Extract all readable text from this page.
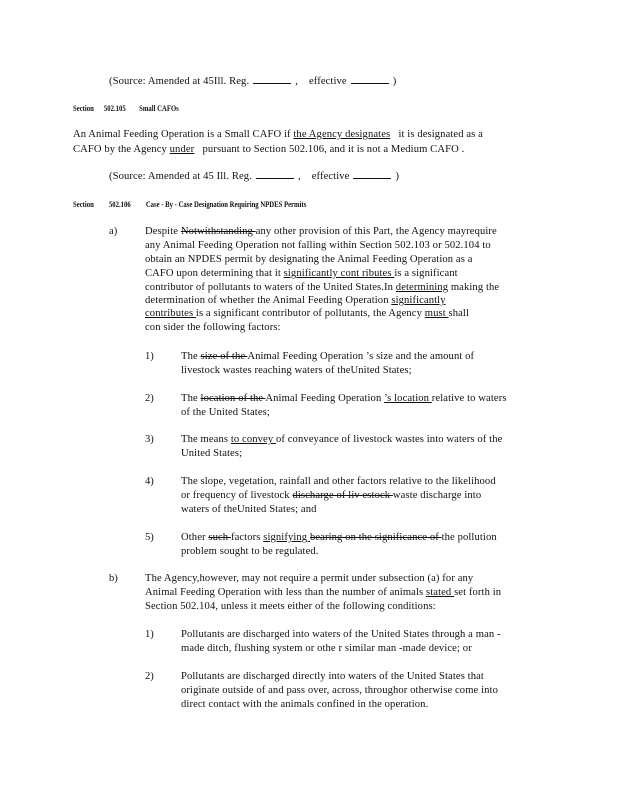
(Source: Amended at 45Ill. Reg.	,    effective	)
Section 502.105 Small CAFOs
An Animal Feeding Operation is a Small CAFO if the Agency designates it is designated as a
CAFO by the Agency under pursuant to Section 502.106, and it is not a Medium CAFO .
(Source: Amended at 45 Ill. Reg.	,    effective	)
Section 502.106 Case - By - Case Designation Requiring NPDES Permits
a)	Despite Notwithstanding any other provision of this Part, the Agency mayrequire
any Animal Feeding Operation not falling within Section 502.103 or 502.104 to
obtain an NPDES permit by designating the Animal Feeding Operation as a
CAFO upon determining that it significantly cont ributes is a significant
contributor of pollutants to waters of the United States.In determining making the
determination of whether the Animal Feeding Operation significantly
contributes is a significant contributor of pollutants, the Agency must shall
con sider the following factors:
1)	The size of the Animal Feeding Operation ’s size and the amount of
livestock wastes reaching waters of theUnited States;
2)	The location of the Animal Feeding Operation ’s location relative to waters
of the United States;
3)	The means to convey of conveyance of livestock wastes into waters of the
United States;
4)	The slope, vegetation, rainfall and other factors relative to the likelihood
or frequency of livestock discharge of liv estock waste discharge into
waters of theUnited States; and
5)	Other such factors signifying bearing on the significance of the pollution
problem sought to be regulated.
b)	The Agency,however, may not require a permit under subsection (a) for any
Animal Feeding Operation with less than the number of animals stated set forth in
Section 502.104, unless it meets either of the following conditions:
1)	Pollutants are discharged into waters of the United States through a man -
made ditch, flushing system or othe r similar man -made device; or
2)	Pollutants are discharged directly into waters of the United States that
originate outside of and pass over, across, throughor otherwise come into
direct contact with the animals confined in the operation.
